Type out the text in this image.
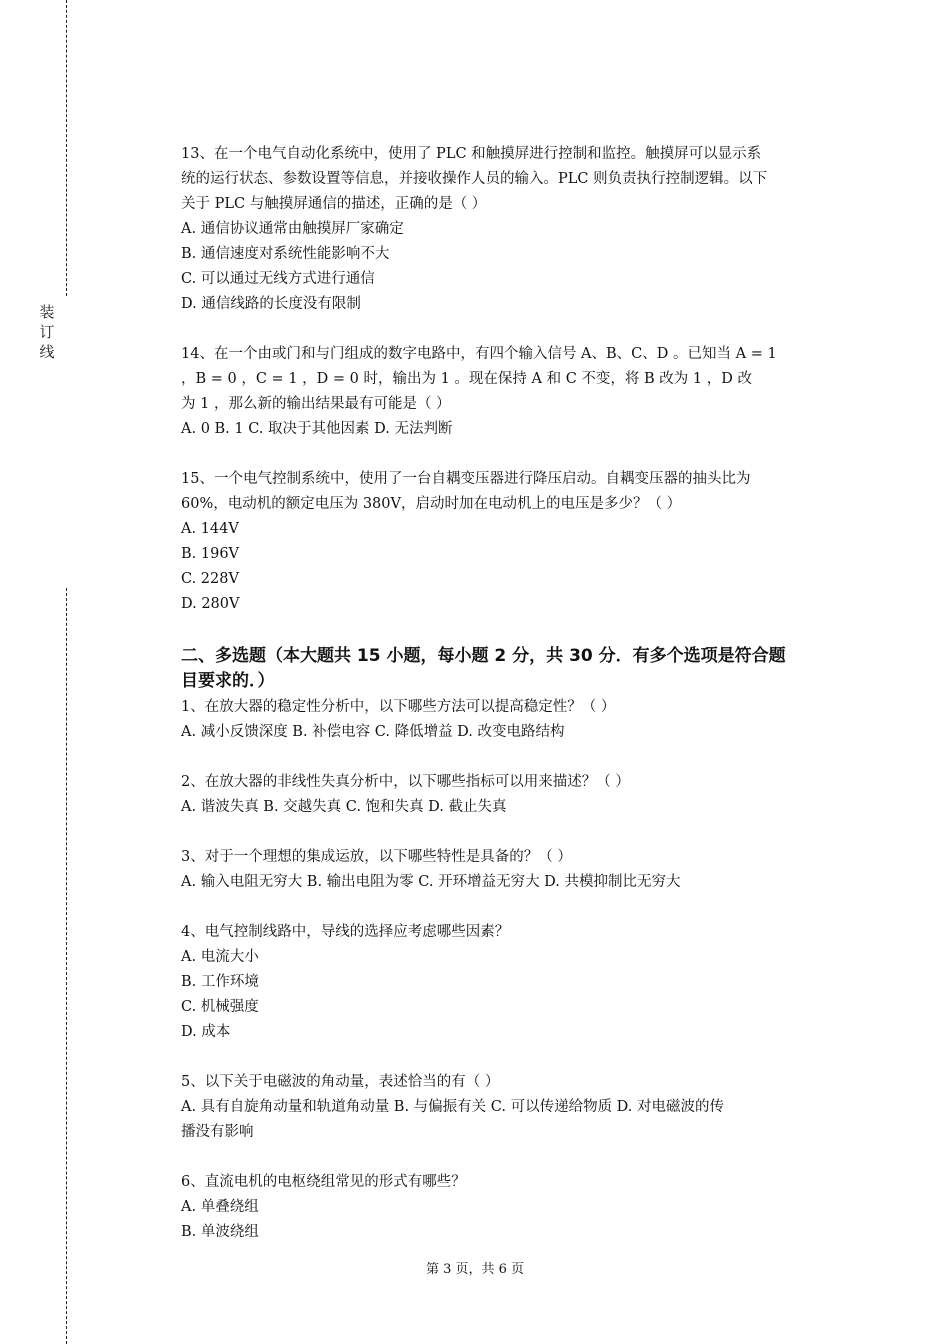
装
订
线
13、在一个电气自动化系统中，使用了 PLC 和触摸屏进行控制和监控。触摸屏可以显示系
统的运行状态、参数设置等信息，并接收操作人员的输入。PLC 则负责执行控制逻辑。以下
关于 PLC 与触摸屏通信的描述，正确的是（ ）
A. 通信协议通常由触摸屏厂家确定
B. 通信速度对系统性能影响不大
C. 可以通过无线方式进行通信
D. 通信线路的长度没有限制
14、在一个由或门和与门组成的数字电路中，有四个输入信号 A、B、C、D 。已知当 A = 1
，B = 0 ，C = 1 ，D = 0 时，输出为 1 。现在保持 A 和 C 不变，将 B 改为 1 ，D 改
为 1 ，那么新的输出结果最有可能是（ ）
A. 0 B. 1 C. 取决于其他因素 D. 无法判断
15、一个电气控制系统中，使用了一台自耦变压器进行降压启动。自耦变压器的抽头比为
60%，电动机的额定电压为 380V，启动时加在电动机上的电压是多少？（ ）
A. 144V
B. 196V
C. 228V
D. 280V
二、多选题（本大题共 15 小题，每小题 2 分，共 30 分．有多个选项是符合题
目要求的．）
1、在放大器的稳定性分析中，以下哪些方法可以提高稳定性？（ ）
A. 减小反馈深度 B. 补偿电容 C. 降低增益 D. 改变电路结构
2、在放大器的非线性失真分析中，以下哪些指标可以用来描述？（ ）
A. 谐波失真 B. 交越失真 C. 饱和失真 D. 截止失真
3、对于一个理想的集成运放，以下哪些特性是具备的？（ ）
A. 输入电阻无穷大 B. 输出电阻为零 C. 开环增益无穷大 D. 共模抑制比无穷大
4、电气控制线路中，导线的选择应考虑哪些因素？
A. 电流大小
B. 工作环境
C. 机械强度
D. 成本
5、以下关于电磁波的角动量，表述恰当的有（ ）
A. 具有自旋角动量和轨道角动量 B. 与偏振有关 C. 可以传递给物质 D. 对电磁波的传
播没有影响
6、直流电机的电枢绕组常见的形式有哪些？
A. 单叠绕组
B. 单波绕组
第 3 页，共 6 页
